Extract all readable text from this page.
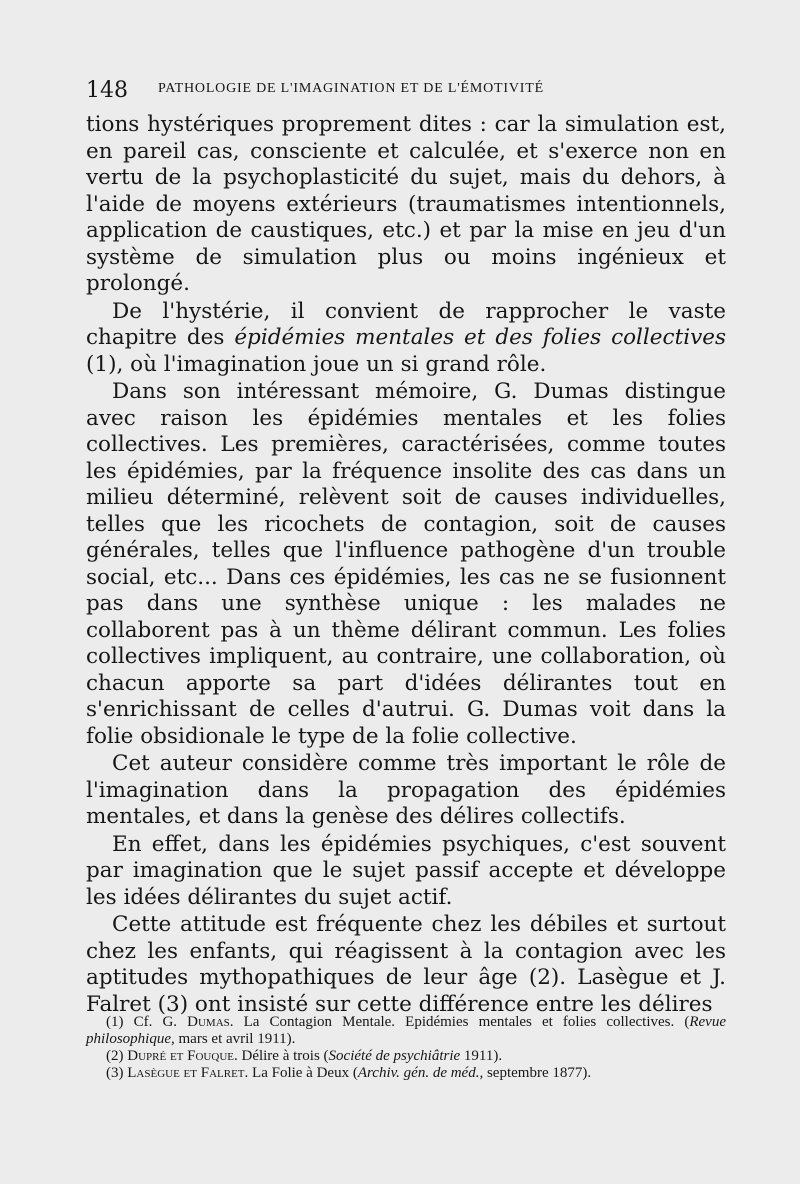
148 PATHOLOGIE DE L'IMAGINATION ET DE L'ÉMOTIVITÉ

tions hystériques proprement dites : car la simulation est, en pareil cas, consciente et calculée, et s'exerce non en vertu de la psychoplasticité du sujet, mais du dehors, à l'aide de moyens extérieurs (traumatismes intentionnels, application de caustiques, etc.) et par la mise en jeu d'un système de simulation plus ou moins ingénieux et prolongé.

De l'hystérie, il convient de rapprocher le vaste chapitre des épidémies mentales et des folies collectives (1), où l'imagination joue un si grand rôle.

Dans son intéressant mémoire, G. Dumas distingue avec raison les épidémies mentales et les folies collectives. Les premières, caractérisées, comme toutes les épidémies, par la fréquence insolite des cas dans un milieu déterminé, relèvent soit de causes individuelles, telles que les ricochets de contagion, soit de causes générales, telles que l'influence pathogène d'un trouble social, etc... Dans ces épidémies, les cas ne se fusionnent pas dans une synthèse unique : les malades ne collaborent pas à un thème délirant commun. Les folies collectives impliquent, au contraire, une collaboration, où chacun apporte sa part d'idées délirantes tout en s'enrichissant de celles d'autrui. G. Dumas voit dans la folie obsidionale le type de la folie collective.

Cet auteur considère comme très important le rôle de l'imagination dans la propagation des épidémies mentales, et dans la genèse des délires collectifs.

En effet, dans les épidémies psychiques, c'est souvent par imagination que le sujet passif accepte et développe les idées délirantes du sujet actif.

Cette attitude est fréquente chez les débiles et surtout chez les enfants, qui réagissent à la contagion avec les aptitudes mythopathiques de leur âge (2). Lasègue et J. Falret (3) ont insisté sur cette différence entre les délires

(1) Cf. G. Dumas. La Contagion Mentale. Epidémies mentales et folies collectives. (Revue philosophique, mars et avril 1911).

(2) Dupré et Fouque. Délire à trois (Société de psychiâtrie 1911).

(3) Lasègue et Falret. La Folie à Deux (Archiv. gén. de méd., septembre 1877).
